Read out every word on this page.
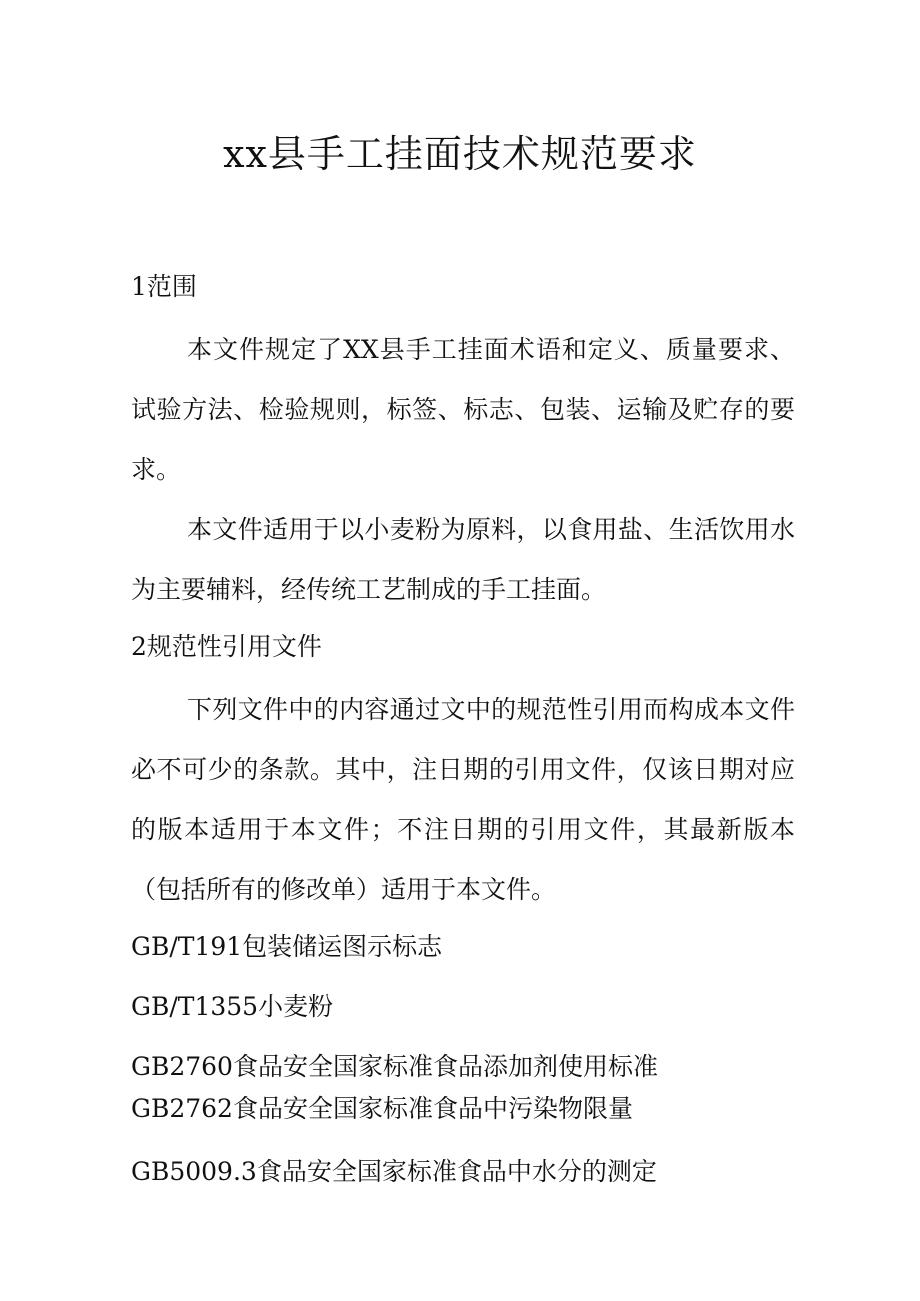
xx县手工挂面技术规范要求
1范围

本文件规定了XX县手工挂面术语和定义、质量要求、试验方法、检验规则，标签、标志、包装、运输及贮存的要求。

本文件适用于以小麦粉为原料，以食用盐、生活饮用水为主要辅料，经传统工艺制成的手工挂面。

2规范性引用文件

下列文件中的内容通过文中的规范性引用而构成本文件必不可少的条款。其中，注日期的引用文件，仅该日期对应的版本适用于本文件；不注日期的引用文件，其最新版本（包括所有的修改单）适用于本文件。

GB/T191包装储运图示标志
GB/T1355小麦粉
GB2760食品安全国家标准食品添加剂使用标准
GB2762食品安全国家标准食品中污染物限量
GB5009.3食品安全国家标准食品中水分的测定
